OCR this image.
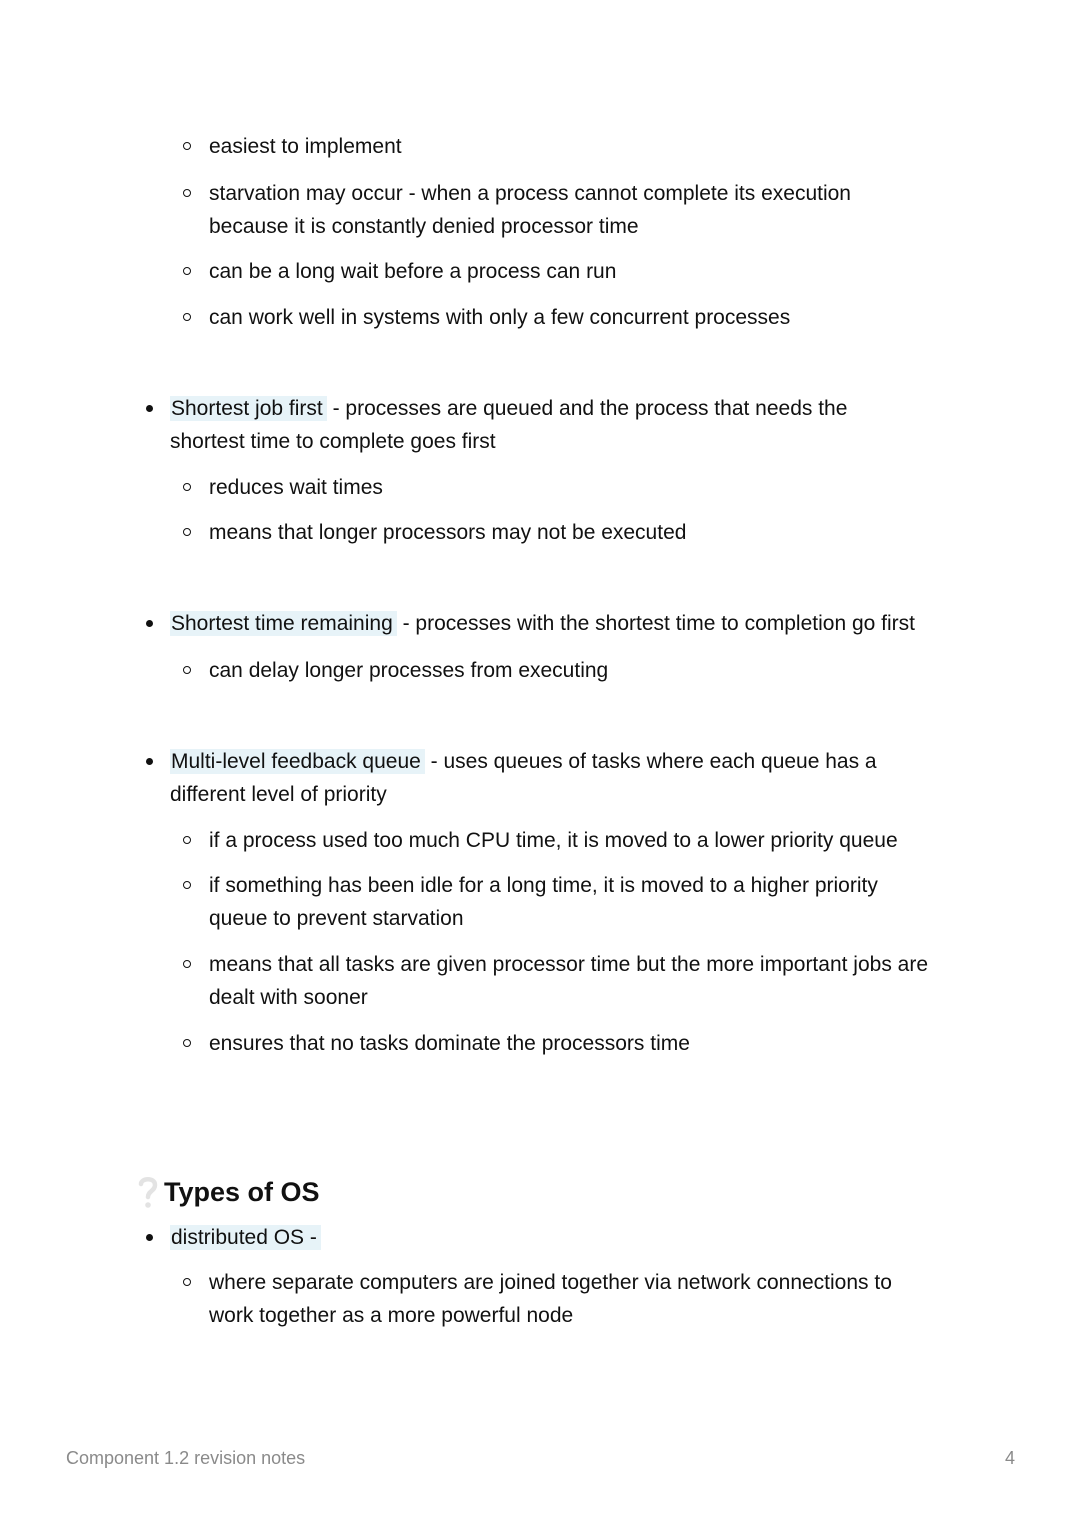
easiest to implement
starvation may occur - when a process cannot complete its execution because it is constantly denied processor time
can be a long wait before a process can run
can work well in systems with only a few concurrent processes
Shortest job first - processes are queued and the process that needs the shortest time to complete goes first
reduces wait times
means that longer processors may not be executed
Shortest time remaining - processes with the shortest time to completion go first
can delay longer processes from executing
Multi-level feedback queue - uses queues of tasks where each queue has a different level of priority
if a process used too much CPU time, it is moved to a lower priority queue
if something has been idle for a long time, it is moved to a higher priority queue to prevent starvation
means that all tasks are given processor time but the more important jobs are dealt with sooner
ensures that no tasks dominate the processors time
Types of OS
distributed OS -
where separate computers are joined together via network connections to work together as a more powerful node
Component 1.2 revision notes	4
